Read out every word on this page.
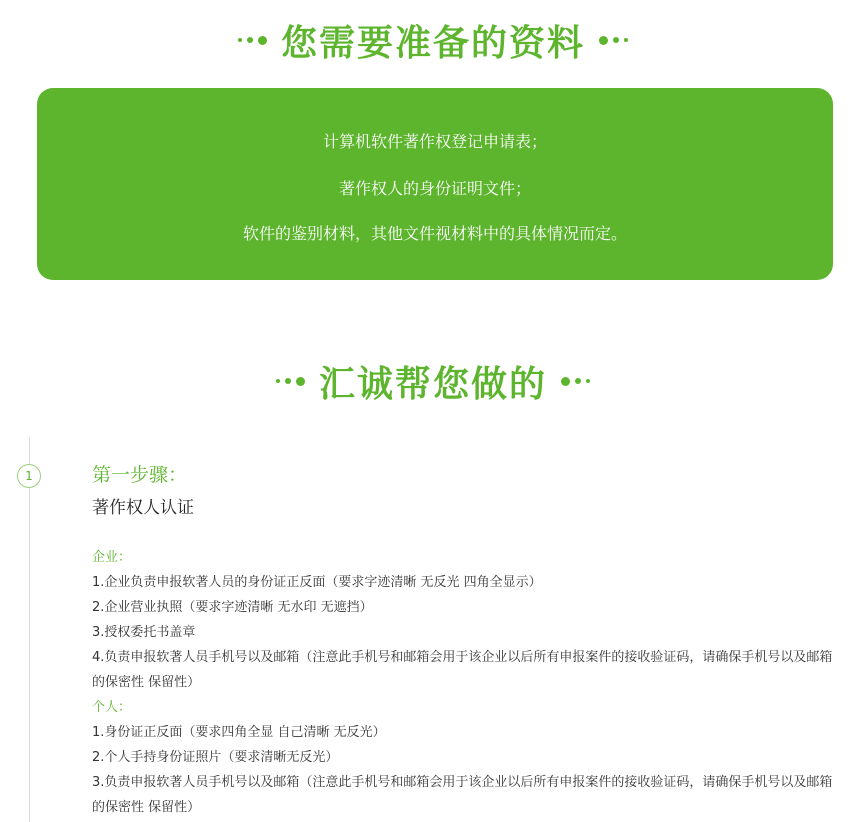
您需要准备的资料
计算机软件著作权登记申请表；
著作权人的身份证明文件；
软件的鉴别材料，其他文件视材料中的具体情况而定。
汇诚帮您做的
1	第一步骤：
著作权人认证
企业：
1.企业负责申报软著人员的身份证正反面（要求字迹清晰 无反光 四角全显示）
2.企业营业执照（要求字迹清晰 无水印 无遮挡）
3.授权委托书盖章
4.负责申报软著人员手机号以及邮箱（注意此手机号和邮箱会用于该企业以后所有申报案件的接收验证码，请确保手机号以及邮箱的保密性 保留性）
个人：
1.身份证正反面（要求四角全显 自己清晰 无反光）
2.个人手持身份证照片（要求清晰无反光）
3.负责申报软著人员手机号以及邮箱（注意此手机号和邮箱会用于该企业以后所有申报案件的接收验证码，请确保手机号以及邮箱的保密性 保留性）
